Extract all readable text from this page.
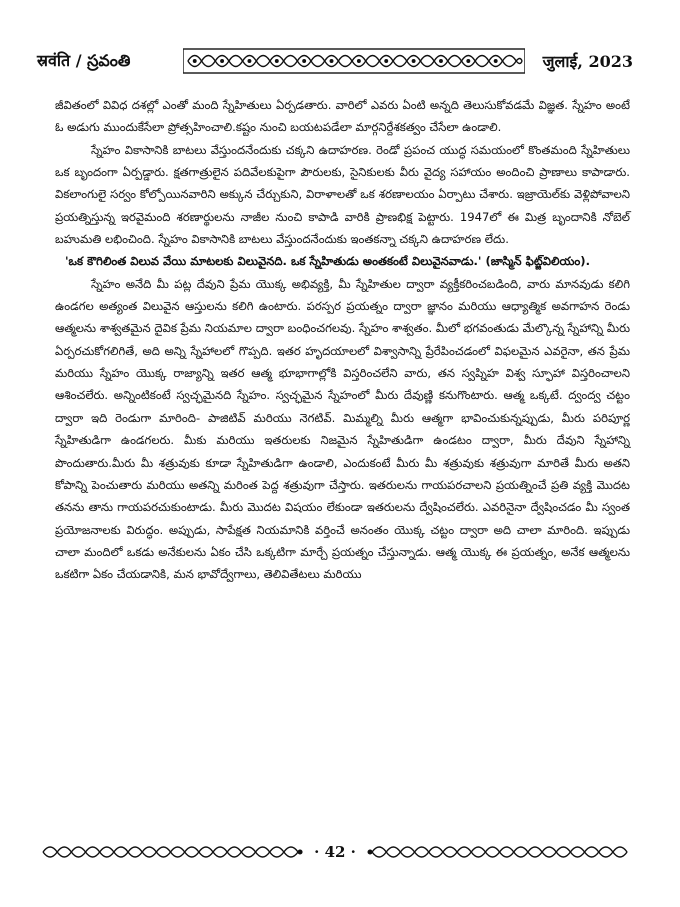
स्रवंति / స్రవంతి	जुलाई, 2023
జీవితంలో వివిధ దశల్లో ఎంతో మంది స్నేహితులు ఏర్పడతారు. వారిలో ఎవరు ఏంటి అన్నది తెలుసుకోవడమే విజ్ఞత. స్నేహం అంటే ఓ అడుగు ముందుకేసేలా ప్రోత్సహించాలి.కష్టం నుంచి బయటపడేలా మార్గనిర్దేశకత్వం చేసేలా ఉండాలి.
స్నేహం వికాసానికి బాటలు వేస్తుందనేందుకు చక్కని ఉదాహరణ. రెండో ప్రపంచ యుద్ధ సమయంలో కొంతమంది స్నేహితులు ఒక బృందంగా ఏర్పడ్డారు. క్షతగాత్రులైన పదివేలకుపైగా పౌరులకు, సైనికులకు వీరు వైద్య సహాయం అందించి ప్రాణాలు కాపాడారు. వికలాంగులై సర్వం కోల్పోయినవారిని అక్కున చేర్చుకుని, విరాళాలతో ఒక శరణాలయం ఏర్పాటు చేశారు. ఇజ్రాయెల్‌కు వెళ్లిపోవాలని ప్రయత్నిస్తున్న ఇరవైమంది శరణార్థులను నాజీల నుంచి కాపాడి వారికి ప్రాణభిక్ష పెట్టారు. 1947లో ఈ మిత్ర బృందానికి నోబెల్ బహుమతి లభించింది. స్నేహం వికాసానికి బాటలు వేస్తుందనేందుకు ఇంతకన్నా చక్కని ఉదాహరణ లేదు.
'ఒక కౌగిలింత విలువ వేయి మాటలకు విలువైనది. ఒక స్నేహితుడు అంతకంటే విలువైనవాడు.' (జాస్మిన్ ఫిట్జ్‌విలియం).
స్నేహం అనేది మీ పట్ల దేవుని ప్రేమ యొక్క అభివ్యక్తి, మీ స్నేహితుల ద్వారా వ్యక్తీకరించబడింది, వారు మానవుడు కలిగి ఉండగల అత్యంత విలువైన ఆస్తులను కలిగి ఉంటారు. పరస్పర ప్రయత్నం ద్వారా జ్ఞానం మరియు ఆధ్యాత్మిక అవగాహన రెండు ఆత్మలను శాశ్వతమైన దైవిక ప్రేమ నియమాల ద్వారా బంధించగలవు. స్నేహం శాశ్వతం. మీలో భగవంతుడు మేల్కొన్న స్నేహాన్ని మీరు ఏర్పరచుకోగలిగితే, అది అన్ని స్నేహాలలో గొప్పది. ఇతర హృదయాలలో విశ్వాసాన్ని ప్రేరేపించడంలో విఫలమైన ఎవరైనా, తన ప్రేమ మరియు స్నేహం యొక్క రాజ్యాన్ని ఇతర ఆత్మ భూభాగాల్లోకి విస్తరించలేని వారు, తన స్వప్నిహ విశ్వ స్ఫూహా విస్తరించాలని ఆశించలేరు. అన్నింటికంటే స్వచ్ఛమైనది స్నేహం. స్వచ్ఛమైన స్నేహంలో మీరు దేవుణ్ణి కనుగొంటారు. ఆత్మ ఒక్కటే. ద్వంద్వ చట్టం ద్వారా ఇది రెండుగా మారింది- పాజిటివ్ మరియు నెగటివ్. మిమ్మల్ని మీరు ఆత్మగా భావించుకున్నప్పుడు, మీరు పరిపూర్ణ స్నేహితుడిగా ఉండగలరు. మీకు మరియు ఇతరులకు నిజమైన స్నేహితుడిగా ఉండటం ద్వారా, మీరు దేవుని స్నేహాన్ని పొందుతారు.మీరు మీ శత్రువుకు కూడా స్నేహితుడిగా ఉండాలి, ఎందుకంటే మీరు మీ శత్రువుకు శత్రువుగా మారితే మీరు అతని కోపాన్ని పెంచుతారు మరియు అతన్ని మరింత పెద్ద శత్రువుగా చేస్తారు. ఇతరులను గాయపరచాలని ప్రయత్నించే ప్రతి వ్యక్తి మొదట తనను తాను గాయపరచుకుంటాడు. మీరు మొదట విషయం లేకుండా ఇతరులను ద్వేషించలేరు. ఎవరినైనా ద్వేషించడం మీ స్వంత ప్రయోజనాలకు విరుద్ధం. అప్పుడు, సాపేక్షత నియమానికి వర్తించే అనంతం యొక్క చట్టం ద్వారా అది చాలా మారింది. ఇప్పుడు చాలా మందిలో ఒకడు అనేకులను ఏకం చేసి ఒక్కటిగా మార్చే ప్రయత్నం చేస్తున్నాడు. ఆత్మ యొక్క ఈ ప్రయత్నం, అనేక ఆత్మలను ఒకటిగా ఏకం చేయడానికి, మన భావోద్వేగాలు, తెలివితేటలు మరియు
· 42 ·
